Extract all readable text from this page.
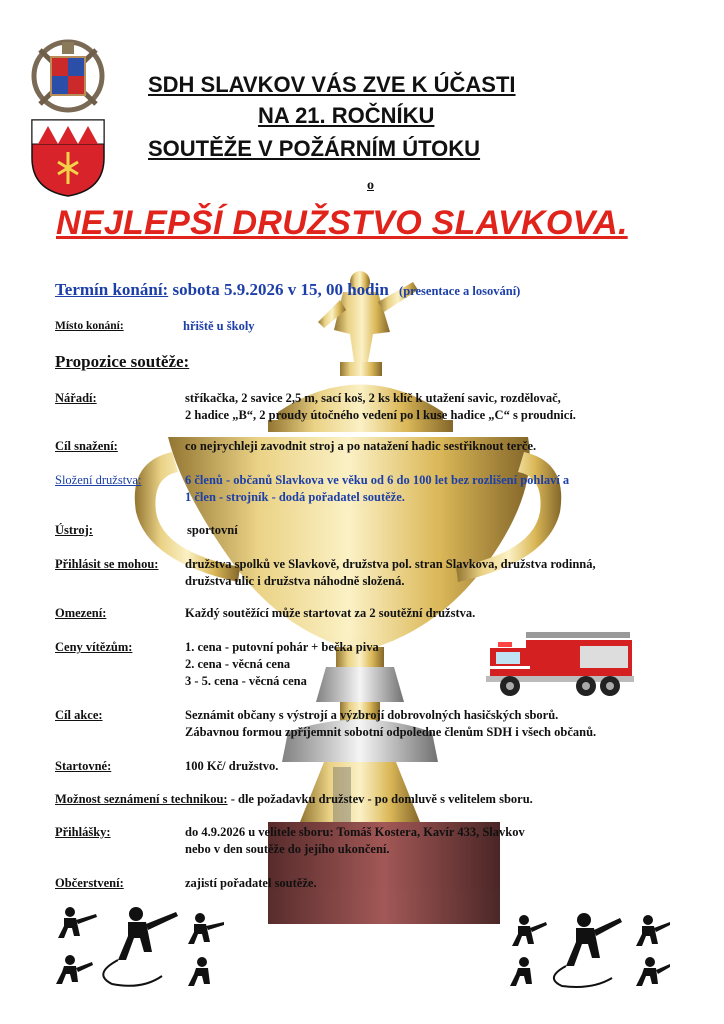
SDH SLAVKOV VÁS ZVE K ÚČASTI
NA 21. ROČNÍKU
SOUTĚŽE V POŽÁRNÍM ÚTOKU
o
NEJLEPŠÍ DRUŽSTVO SLAVKOVA.
Termín konání: sobota 5.9.2026 v 15, 00 hodin (presentace a losování)
Místo konání:	hřiště u školy
Propozice soutěže:
Nářadí:	stříkačka, 2 savice 2,5 m, sací koš, 2 ks klíč k utažení savic, rozdělovač,
2 hadice „B“, 2 proudy útočného vedení po l kuse hadice „C“ s proudnicí.
Cíl snažení:	co nejrychleji zavodnit stroj a po natažení hadic sestřiknout terče.
Složení družstva:	6 členů - občanů Slavkova ve věku od 6 do 100 let bez rozlišení pohlaví a
1 člen - strojník - dodá pořadatel soutěže.
Ústroj:	sportovní
Přihlásit se mohou: družstva spolků ve Slavkově, družstva pol. stran Slavkova, družstva rodinná,
družstva ulic i družstva náhodně složená.
Omezení:	Každý soutěžící může startovat za 2 soutěžní družstva.
Ceny vítězům:	1. cena - putovní pohár + bečka piva
2. cena - věcná cena
3 - 5. cena - věcná cena
Cíl akce:	Seznámit občany s výstrojí a výzbrojí dobrovolných hasičských sborů.
Zábavnou formou zpříjemnit sobotní odpoledne členům SDH i všech občanů.
Startovné:	100 Kč/ družstvo.
Možnost seznámení s technikou: - dle požadavku družstev - po domluvě s velitelem sboru.
Přihlášky:	do 4.9.2026 u velitele sboru: Tomáš Kostera, Kavír 433, Slavkov
nebo v den soutěže do jejího ukončení.
Občerstvení:	zajistí pořadatel soutěže.
